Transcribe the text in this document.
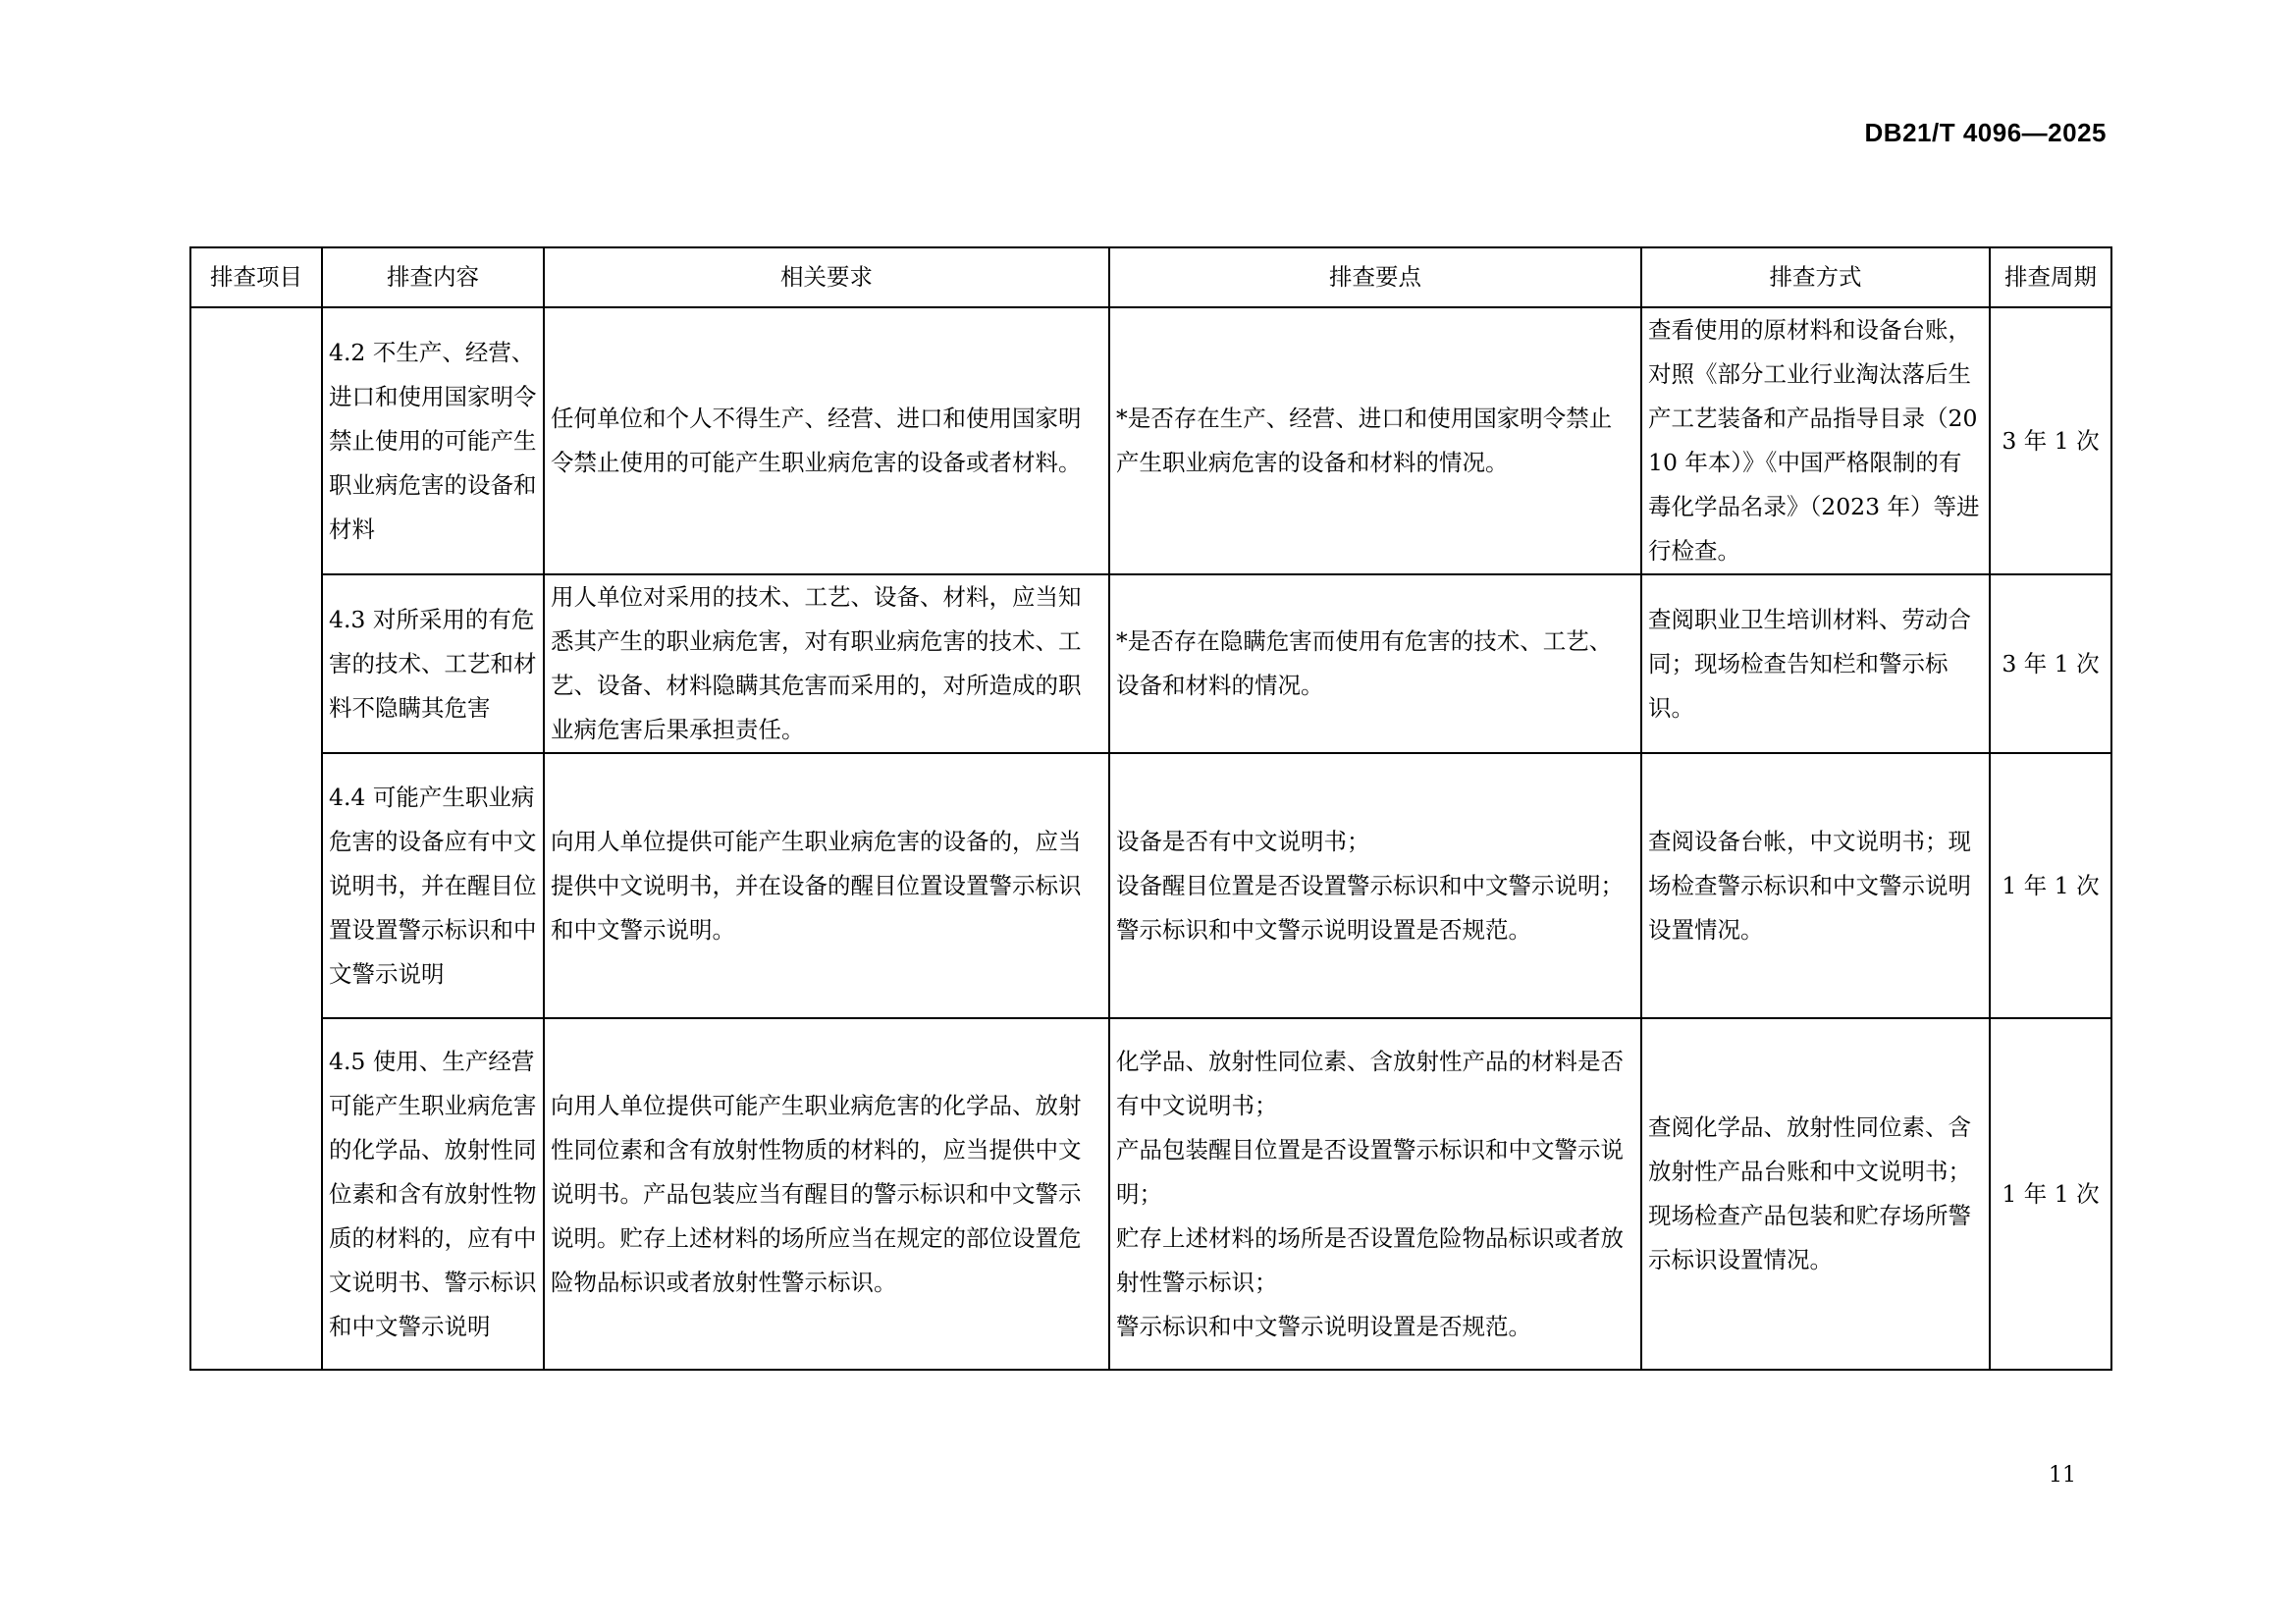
DB21/T 4096—2025
排查项目	排查内容	相关要求	排查要点	排查方式	排查周期
	4.2 不生产、经营、进口和使用国家明令禁止使用的可能产生职业病危害的设备和材料	任何单位和个人不得生产、经营、进口和使用国家明令禁止使用的可能产生职业病危害的设备或者材料。	*是否存在生产、经营、进口和使用国家明令禁止产生职业病危害的设备和材料的情况。	查看使用的原材料和设备台账，对照《部分工业行业淘汰落后生产工艺装备和产品指导目录（2010 年本）》《中国严格限制的有毒化学品名录》（2023 年）等进行检查。	3 年 1 次
	4.3 对所采用的有危害的技术、工艺和材料不隐瞒其危害	用人单位对采用的技术、工艺、设备、材料，应当知悉其产生的职业病危害，对有职业病危害的技术、工艺、设备、材料隐瞒其危害而采用的，对所造成的职业病危害后果承担责任。	*是否存在隐瞒危害而使用有危害的技术、工艺、设备和材料的情况。	查阅职业卫生培训材料、劳动合同；现场检查告知栏和警示标识。	3 年 1 次
	4.4 可能产生职业病危害的设备应有中文说明书，并在醒目位置设置警示标识和中文警示说明	向用人单位提供可能产生职业病危害的设备的，应当提供中文说明书，并在设备的醒目位置设置警示标识和中文警示说明。	设备是否有中文说明书；
设备醒目位置是否设置警示标识和中文警示说明；
警示标识和中文警示说明设置是否规范。	查阅设备台帐，中文说明书；现场检查警示标识和中文警示说明设置情况。	1 年 1 次
	4.5 使用、生产经营可能产生职业病危害的化学品、放射性同位素和含有放射性物质的材料的，应有中文说明书、警示标识和中文警示说明	向用人单位提供可能产生职业病危害的化学品、放射性同位素和含有放射性物质的材料的，应当提供中文说明书。产品包装应当有醒目的警示标识和中文警示说明。贮存上述材料的场所应当在规定的部位设置危险物品标识或者放射性警示标识。	化学品、放射性同位素、含放射性产品的材料是否有中文说明书；
产品包装醒目位置是否设置警示标识和中文警示说明；
贮存上述材料的场所是否设置危险物品标识或者放射性警示标识；
警示标识和中文警示说明设置是否规范。	查阅化学品、放射性同位素、含放射性产品台账和中文说明书；现场检查产品包装和贮存场所警示标识设置情况。	1 年 1 次
11
